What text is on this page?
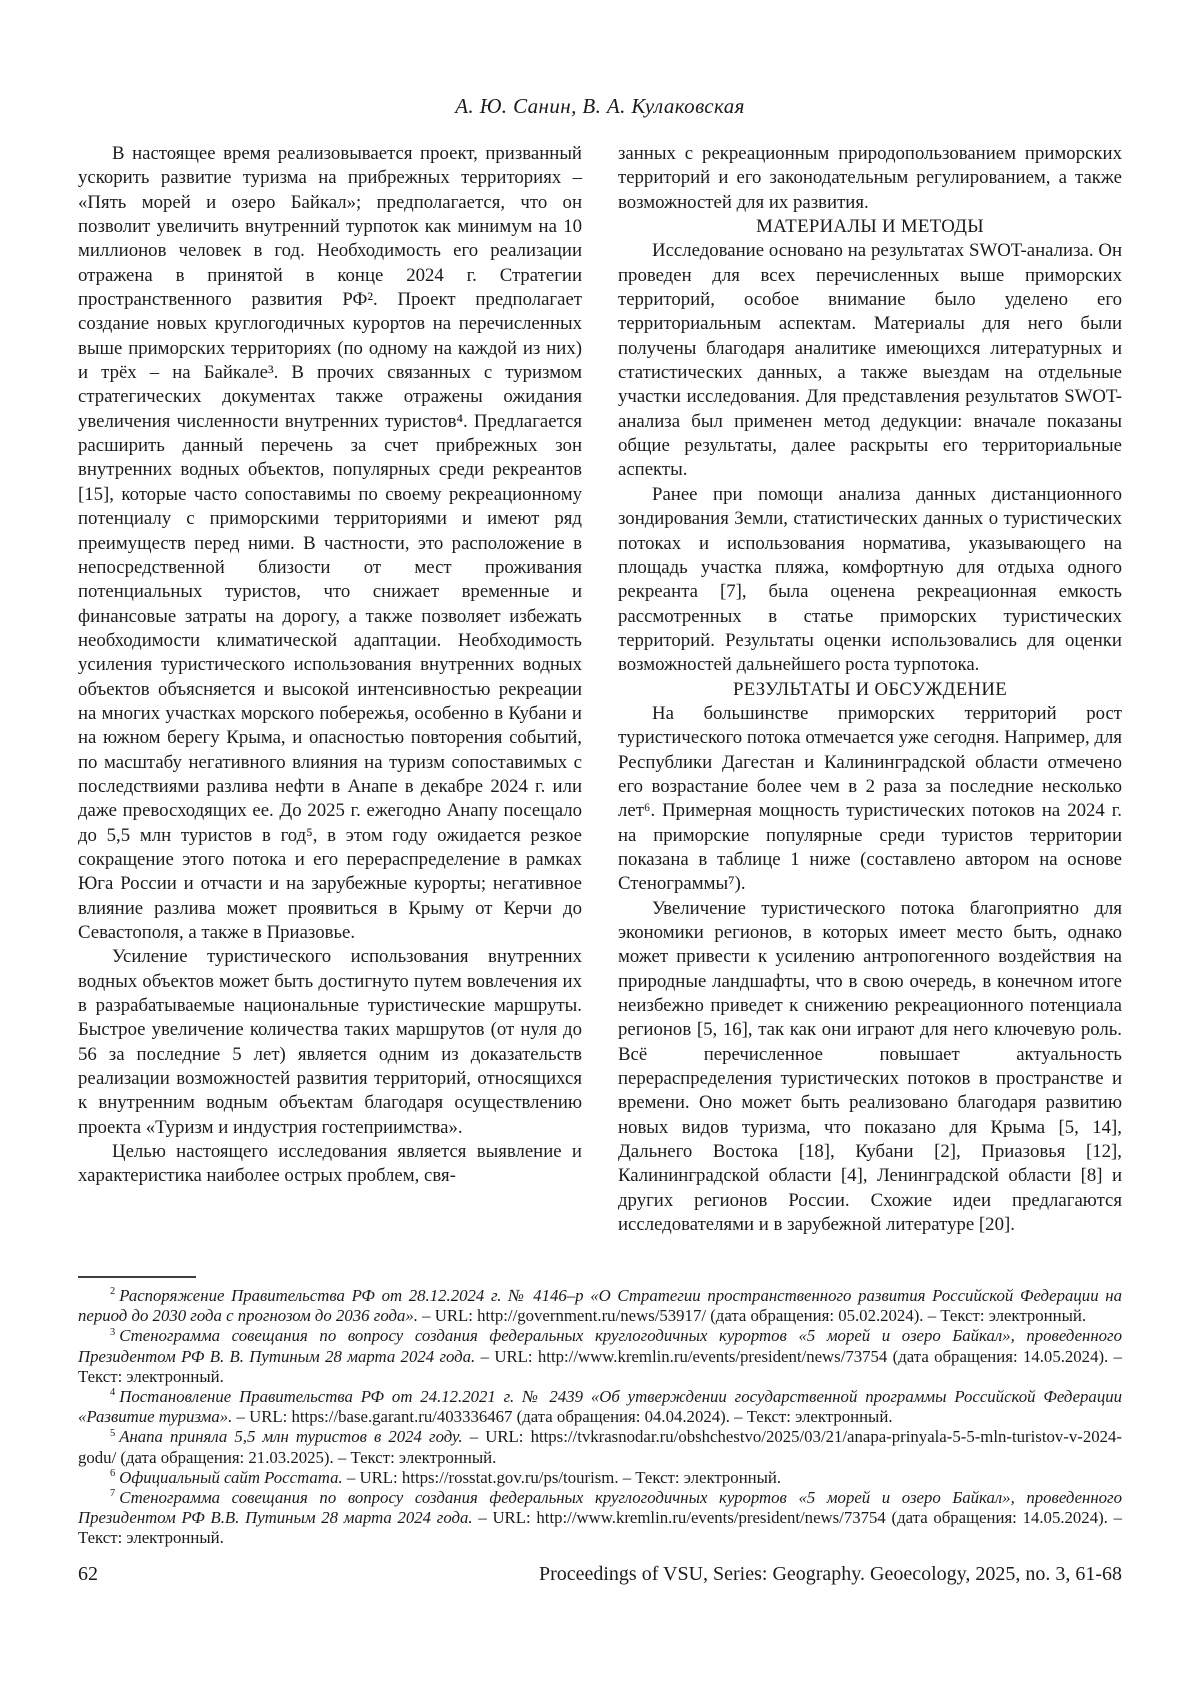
А. Ю. Санин, В. А. Кулаковская

В настоящее время реализовывается проект, призванный ускорить развитие туризма на прибрежных территориях – «Пять морей и озеро Байкал»; предполагается, что он позволит увеличить внутренний турпоток как минимум на 10 миллионов человек в год. Необходимость его реализации отражена в принятой в конце 2024 г. Стратегии пространственного развития РФ². Проект предполагает создание новых круглогодичных курортов на перечисленных выше приморских территориях (по одному на каждой из них) и трёх – на Байкале³. В прочих связанных с туризмом стратегических документах также отражены ожидания увеличения численности внутренних туристов⁴. Предлагается расширить данный перечень за счет прибрежных зон внутренних водных объектов, популярных среди рекреантов [15], которые часто сопоставимы по своему рекреационному потенциалу с приморскими территориями и имеют ряд преимуществ перед ними. В частности, это расположение в непосредственной близости от мест проживания потенциальных туристов, что снижает временные и финансовые затраты на дорогу, а также позволяет избежать необходимости климатической адаптации. Необходимость усиления туристического использования внутренних водных объектов объясняется и высокой интенсивностью рекреации на многих участках морского побережья, особенно в Кубани и на южном берегу Крыма, и опасностью повторения событий, по масштабу негативного влияния на туризм сопоставимых с последствиями разлива нефти в Анапе в декабре 2024 г. или даже превосходящих ее. До 2025 г. ежегодно Анапу посещало до 5,5 млн туристов в год⁵, в этом году ожидается резкое сокращение этого потока и его перераспределение в рамках Юга России и отчасти и на зарубежные курорты; негативное влияние разлива может проявиться в Крыму от Керчи до Севастополя, а также в Приазовье.

Усиление туристического использования внутренних водных объектов может быть достигнуто путем вовлечения их в разрабатываемые национальные туристические маршруты. Быстрое увеличение количества таких маршрутов (от нуля до 56 за последние 5 лет) является одним из доказательств реализации возможностей развития территорий, относящихся к внутренним водным объектам благодаря осуществлению проекта «Туризм и индустрия гостеприимства».

Целью настоящего исследования является выявление и характеристика наиболее острых проблем, свя-

занных с рекреационным природопользованием приморских территорий и его законодательным регулированием, а также возможностей для их развития.

МАТЕРИАЛЫ И МЕТОДЫ

Исследование основано на результатах SWOT-анализа. Он проведен для всех перечисленных выше приморских территорий, особое внимание было уделено его территориальным аспектам. Материалы для него были получены благодаря аналитике имеющихся литературных и статистических данных, а также выездам на отдельные участки исследования. Для представления результатов SWOT-анализа был применен метод дедукции: вначале показаны общие результаты, далее раскрыты его территориальные аспекты.

Ранее при помощи анализа данных дистанционного зондирования Земли, статистических данных о туристических потоках и использования норматива, указывающего на площадь участка пляжа, комфортную для отдыха одного рекреанта [7], была оценена рекреационная емкость рассмотренных в статье приморских туристических территорий. Результаты оценки использовались для оценки возможностей дальнейшего роста турпотока.

РЕЗУЛЬТАТЫ И ОБСУЖДЕНИЕ

На большинстве приморских территорий рост туристического потока отмечается уже сегодня. Например, для Республики Дагестан и Калининградской области отмечено его возрастание более чем в 2 раза за последние несколько лет⁶. Примерная мощность туристических потоков на 2024 г. на приморские популярные среди туристов территории показана в таблице 1 ниже (составлено автором на основе Стенограммы⁷).

Увеличение туристического потока благоприятно для экономики регионов, в которых имеет место быть, однако может привести к усилению антропогенного воздействия на природные ландшафты, что в свою очередь, в конечном итоге неизбежно приведет к снижению рекреационного потенциала регионов [5, 16], так как они играют для него ключевую роль. Всё перечисленное повышает актуальность перераспределения туристических потоков в пространстве и времени. Оно может быть реализовано благодаря развитию новых видов туризма, что показано для Крыма [5, 14], Дальнего Востока [18], Кубани [2], Приазовья [12], Калининградской области [4], Ленинградской области [8] и других регионов России. Схожие идеи предлагаются исследователями и в зарубежной литературе [20].

$^2$ Распоряжение Правительства РФ от 28.12.2024 г. № 4146–р «О Стратегии пространственного развития Российской Федерации на период до 2030 года с прогнозом до 2036 года». – URL: http://government.ru/news/53917/ (дата обращения: 05.02.2024). – Текст: электронный.

$^3$ Стенограмма совещания по вопросу создания федеральных круглогодичных курортов «5 морей и озеро Байкал», проведенного Президентом РФ В. В. Путиным 28 марта 2024 года. – URL: http://www.kremlin.ru/events/president/news/73754 (дата обращения: 14.05.2024). – Текст: электронный.

$^4$ Постановление Правительства РФ от 24.12.2021 г. № 2439 «Об утверждении государственной программы Российской Федерации «Развитие туризма». – URL: https://base.garant.ru/403336467 (дата обращения: 04.04.2024). – Текст: электронный.

$^5$ Анапа приняла 5,5 млн туристов в 2024 году. – URL: https://tvkrasnodar.ru/obshchestvo/2025/03/21/anapa-prinyala-5-5-mln-turistov-v-2024-godu/ (дата обращения: 21.03.2025). – Текст: электронный.

$^6$ Официальный сайт Росстата. – URL: https://rosstat.gov.ru/ps/tourism. – Текст: электронный.

$^7$ Стенограмма совещания по вопросу создания федеральных круглогодичных курортов «5 морей и озеро Байкал», проведенного Президентом РФ В.В. Путиным 28 марта 2024 года. – URL: http://www.kremlin.ru/events/president/news/73754 (дата обращения: 14.05.2024). – Текст: электронный.

62	Proceedings of VSU, Series: Geography. Geoecology, 2025, no. 3, 61-68
